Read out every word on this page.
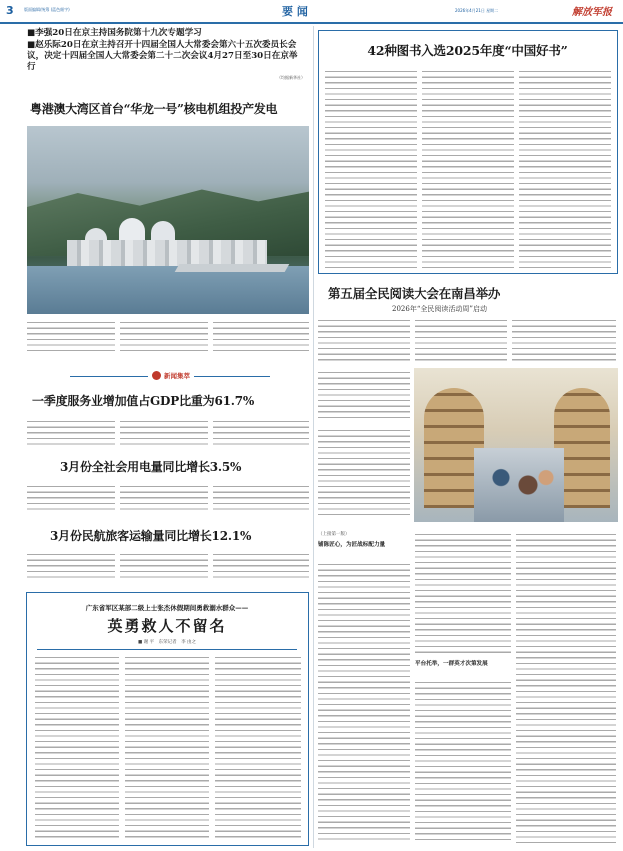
3	版面编辑/统筹 (蓝色细字)	要 闻	2026年4月21日 星期二	解放军报
■李强20日在京主持国务院第十九次专题学习
■赵乐际20日在京主持召开十四届全国人大常委会第六十五次委员长会议，决定十四届全国人大常委会第二十二次会议4月27日至30日在京举行
（均据新华社）
粤港澳大湾区首台“华龙一号”核电机组投产发电
新闻集萃
一季度服务业增加值占GDP比重为61.7%
3月份全社会用电量同比增长3.5%
3月份民航旅客运输量同比增长12.1%
广东省军区某部二级上士张杰休假期间勇救溺水群众——
英勇救人不留名
■ 谢 平　东荣记者　李 由之
42种图书入选2025年度“中国好书”
第五届全民阅读大会在南昌举办
2026年“全民阅读活动周”启动
（上接第一版）
铺陈匠心，为匠战标配力量
平台托举，一群英才次第发展
